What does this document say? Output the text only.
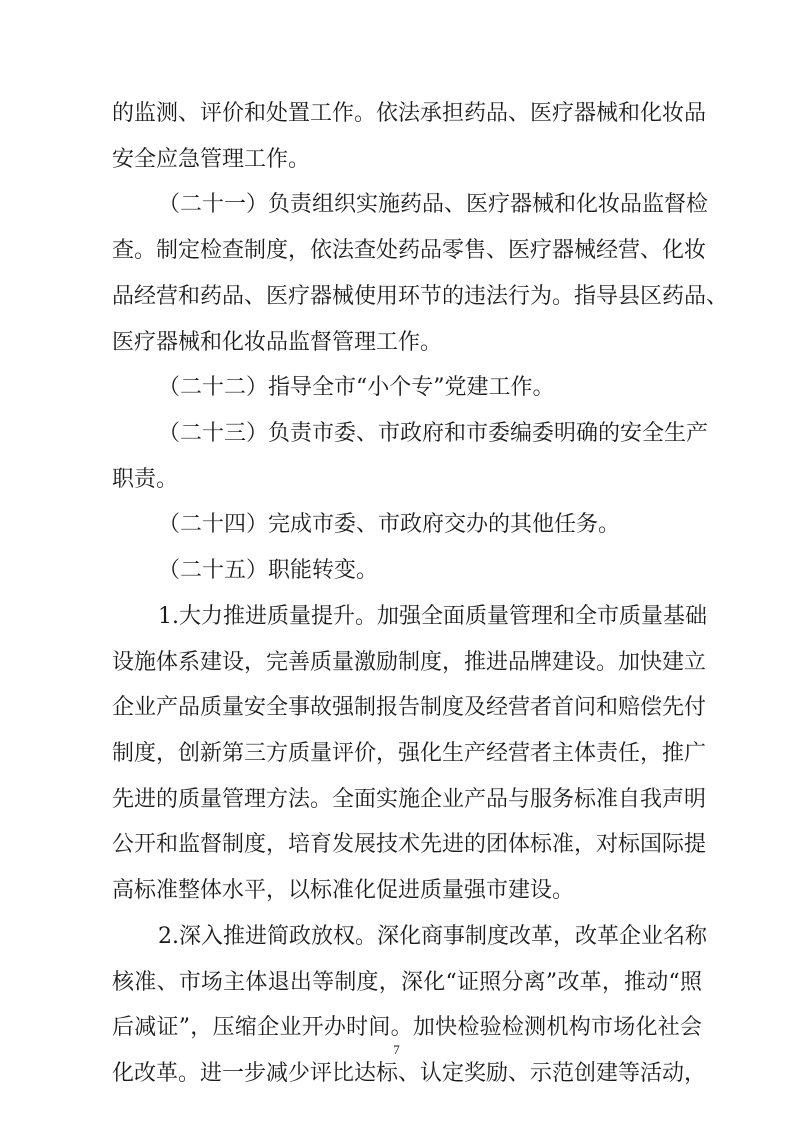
的监测、评价和处置工作。依法承担药品、医疗器械和化妆品
安全应急管理工作。
（二十一）负责组织实施药品、医疗器械和化妆品监督检
查。制定检查制度，依法查处药品零售、医疗器械经营、化妆
品经营和药品、医疗器械使用环节的违法行为。指导县区药品、
医疗器械和化妆品监督管理工作。
（二十二）指导全市“小个专”党建工作。
（二十三）负责市委、市政府和市委编委明确的安全生产
职责。
（二十四）完成市委、市政府交办的其他任务。
（二十五）职能转变。
1.大力推进质量提升。加强全面质量管理和全市质量基础
设施体系建设，完善质量激励制度，推进品牌建设。加快建立
企业产品质量安全事故强制报告制度及经营者首问和赔偿先付
制度，创新第三方质量评价，强化生产经营者主体责任，推广
先进的质量管理方法。全面实施企业产品与服务标准自我声明
公开和监督制度，培育发展技术先进的团体标准，对标国际提
高标准整体水平，以标准化促进质量强市建设。
2.深入推进简政放权。深化商事制度改革，改革企业名称
核准、市场主体退出等制度，深化“证照分离”改革，推动“照
后减证”，压缩企业开办时间。加快检验检测机构市场化社会
化改革。进一步减少评比达标、认定奖励、示范创建等活动，
7
